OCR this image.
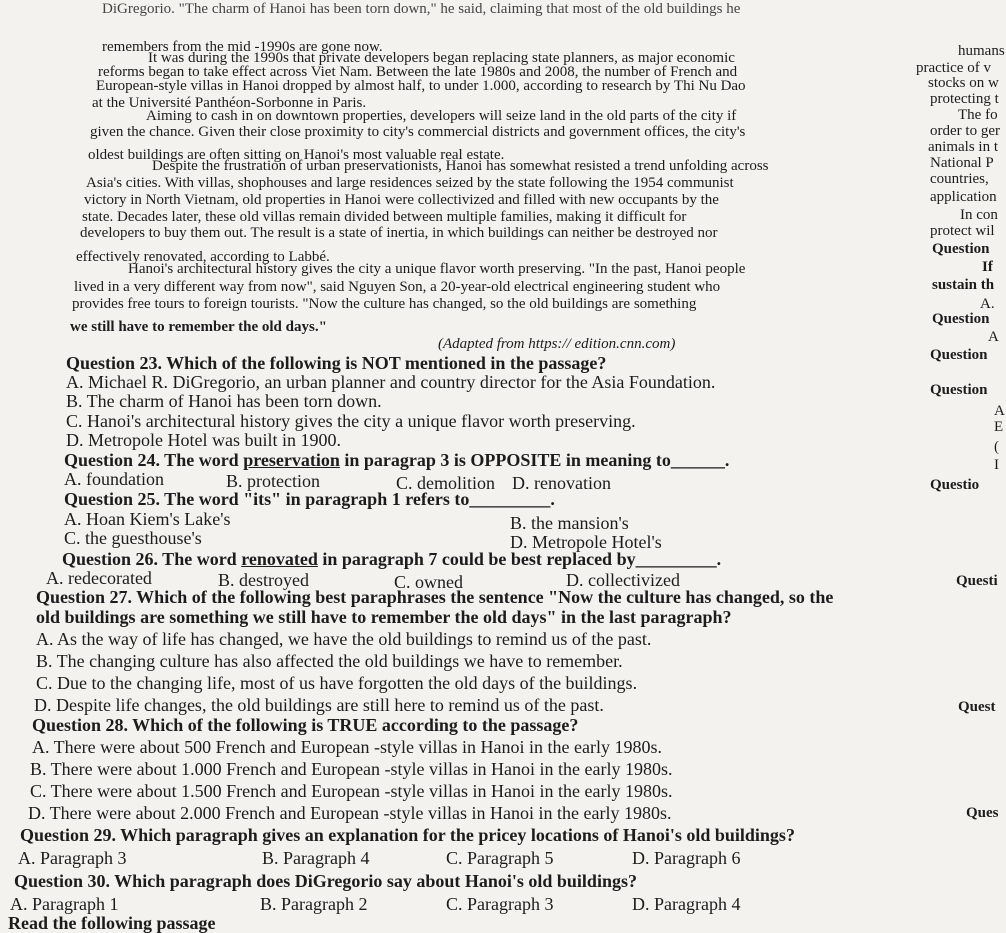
DiGregorio. "The charm of Hanoi has been torn down," he said, claiming that most of the old buildings he
remembers from the mid -1990s are gone now.
It was during the 1990s that private developers began replacing state planners, as major economic
reforms began to take effect across Viet Nam. Between the late 1980s and 2008, the number of French and
European-style villas in Hanoi dropped by almost half, to under 1.000, according to research by Thi Nu Dao
at the Université Panthéon-Sorbonne in Paris.
Aiming to cash in on downtown properties, developers will seize land in the old parts of the city if
given the chance. Given their close proximity to city's commercial districts and government offices, the city's
oldest buildings are often sitting on Hanoi's most valuable real estate.
Despite the frustration of urban preservationists, Hanoi has somewhat resisted a trend unfolding across
Asia's cities. With villas, shophouses and large residences seized by the state following the 1954 communist
victory in North Vietnam, old properties in Hanoi were collectivized and filled with new occupants by the
state. Decades later, these old villas remain divided between multiple families, making it difficult for
developers to buy them out. The result is a state of inertia, in which buildings can neither be destroyed nor
effectively renovated, according to Labbé.
Hanoi's architectural history gives the city a unique flavor worth preserving. "In the past, Hanoi people
lived in a very different way from now", said Nguyen Son, a 20-year-old electrical engineering student who
provides free tours to foreign tourists. "Now the culture has changed, so the old buildings are something
we still have to remember the old days."
(Adapted from https:// edition.cnn.com)
Question 23. Which of the following is NOT mentioned in the passage?
A. Michael R. DiGregorio, an urban planner and country director for the Asia Foundation.
B. The charm of Hanoi has been torn down.
C. Hanoi's architectural history gives the city a unique flavor worth preserving.
D. Metropole Hotel was built in 1900.
Question 24. The word preservation in paragrap 3 is OPPOSITE in meaning to______.
A. foundation	B. protection	C. demolition D. renovation
Question 25. The word "its" in paragraph 1 refers to_________.
A. Hoan Kiem's Lake's	B. the mansion's
C. the guesthouse's	D. Metropole Hotel's
Question 26. The word renovated in paragraph 7 could be best replaced by_________.
A. redecorated	B. destroyed	C. owned	D. collectivized
Question 27. Which of the following best paraphrases the sentence "Now the culture has changed, so the
old buildings are something we still have to remember the old days" in the last paragraph?
A. As the way of life has changed, we have the old buildings to remind us of the past.
B. The changing culture has also affected the old buildings we have to remember.
C. Due to the changing life, most of us have forgotten the old days of the buildings.
D. Despite life changes, the old buildings are still here to remind us of the past.
Question 28. Which of the following is TRUE according to the passage?
A. There were about 500 French and European -style villas in Hanoi in the early 1980s.
B. There were about 1.000 French and European -style villas in Hanoi in the early 1980s.
C. There were about 1.500 French and European -style villas in Hanoi in the early 1980s.
D. There were about 2.000 French and European -style villas in Hanoi in the early 1980s.
Question 29. Which paragraph gives an explanation for the pricey locations of Hanoi's old buildings?
A. Paragraph 3	B. Paragraph 4	C. Paragraph 5	D. Paragraph 6
Question 30. Which paragraph does DiGregorio say about Hanoi's old buildings?
A. Paragraph 1	B. Paragraph 2	C. Paragraph 3	D. Paragraph 4
Read the following passage
humans
practice of v
stocks on w
protecting t
The fo
order to ger
animals in t
National P
countries,
application
In con
protect wil
Question
If
sustain th
A.
Question
A
Question
Question
A
E
(
I
Questio
Questi
Quest
Ques
